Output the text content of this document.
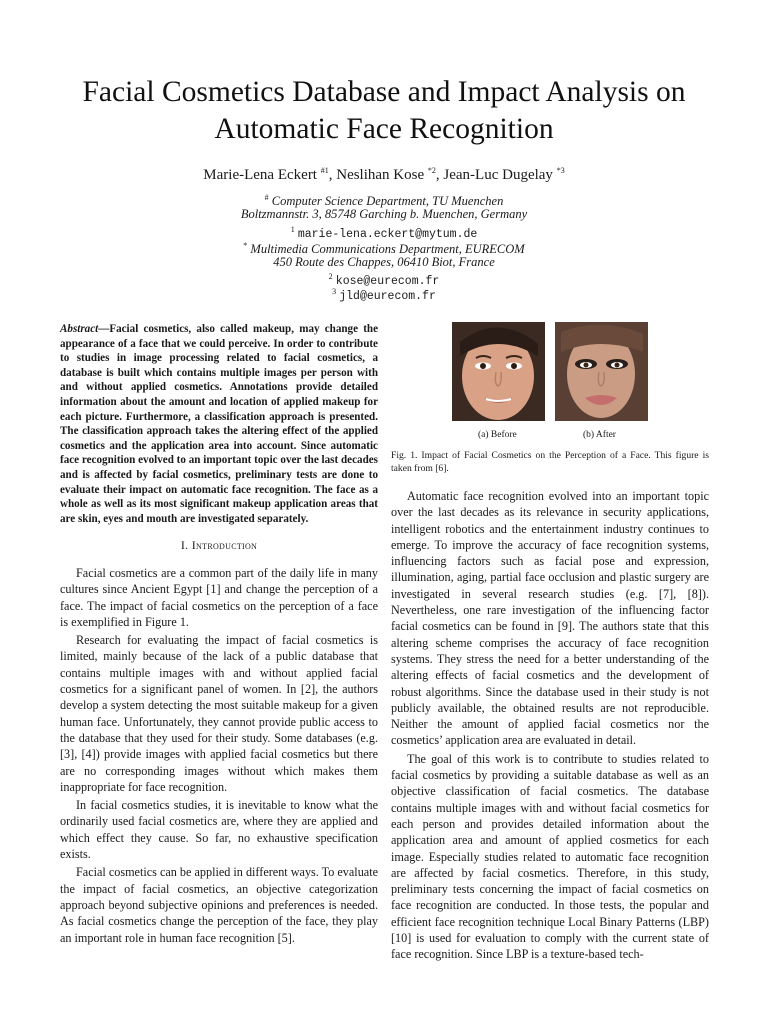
Facial Cosmetics Database and Impact Analysis on
Automatic Face Recognition
Marie-Lena Eckert $^{\#1}$, Neslihan Kose $^{*2}$, Jean-Luc Dugelay $^{*3}$
# Computer Science Department, TU Muenchen
Boltzmannstr. 3, 85748 Garching b. Muenchen, Germany
$^1$ marie-lena.eckert@mytum.de
* Multimedia Communications Department, EURECOM
450 Route des Chappes, 06410 Biot, France
$^2$ kose@eurecom.fr
$^3$ jld@eurecom.fr
Abstract—Facial cosmetics, also called makeup, may change the appearance of a face that we could perceive. In order to contribute to studies in image processing related to facial cosmetics, a database is built which contains multiple images per person with and without applied cosmetics. Annotations provide detailed information about the amount and location of applied makeup for each picture. Furthermore, a classification approach is presented. The classification approach takes the altering effect of the applied cosmetics and the application area into account. Since automatic face recognition evolved to an important topic over the last decades and is affected by facial cosmetics, preliminary tests are done to evaluate their impact on automatic face recognition. The face as a whole as well as its most significant makeup application areas that are skin, eyes and mouth are investigated separately.
I. Introduction

Facial cosmetics are a common part of the daily life in many cultures since Ancient Egypt [1] and change the perception of a face. The impact of facial cosmetics on the perception of a face is exemplified in Figure 1.

Research for evaluating the impact of facial cosmetics is limited, mainly because of the lack of a public database that contains multiple images with and without applied facial cosmetics for a significant panel of women. In [2], the authors develop a system detecting the most suitable makeup for a given human face. Unfortunately, they cannot provide public access to the database that they used for their study. Some databases (e.g. [3], [4]) provide images with applied facial cosmetics but there are no corresponding images without which makes them inappropriate for face recognition.

In facial cosmetics studies, it is inevitable to know what the ordinarily used facial cosmetics are, where they are applied and which effect they cause. So far, no exhaustive specification exists.

Facial cosmetics can be applied in different ways. To evaluate the impact of facial cosmetics, an objective categorization approach beyond subjective opinions and preferences is needed. As facial cosmetics change the perception of the face, they play an important role in human face recognition [5].

(a) Before	(b) After
Fig. 1. Impact of Facial Cosmetics on the Perception of a Face. This figure is taken from [6].

Automatic face recognition evolved into an important topic over the last decades as its relevance in security applications, intelligent robotics and the entertainment industry continues to emerge. To improve the accuracy of face recognition systems, influencing factors such as facial pose and expression, illumination, aging, partial face occlusion and plastic surgery are investigated in several research studies (e.g. [7], [8]). Nevertheless, one rare investigation of the influencing factor facial cosmetics can be found in [9]. The authors state that this altering scheme comprises the accuracy of face recognition systems. They stress the need for a better understanding of the altering effects of facial cosmetics and the development of robust algorithms. Since the database used in their study is not publicly available, the obtained results are not reproducible. Neither the amount of applied facial cosmetics nor the cosmetics’ application area are evaluated in detail.

The goal of this work is to contribute to studies related to facial cosmetics by providing a suitable database as well as an objective classification of facial cosmetics. The database contains multiple images with and without facial cosmetics for each person and provides detailed information about the application area and amount of applied cosmetics for each image. Especially studies related to automatic face recognition are affected by facial cosmetics. Therefore, in this study, preliminary tests concerning the impact of facial cosmetics on face recognition are conducted. In those tests, the popular and efficient face recognition technique Local Binary Patterns (LBP) [10] is used for evaluation to comply with the current state of face recognition. Since LBP is a texture-based tech-
